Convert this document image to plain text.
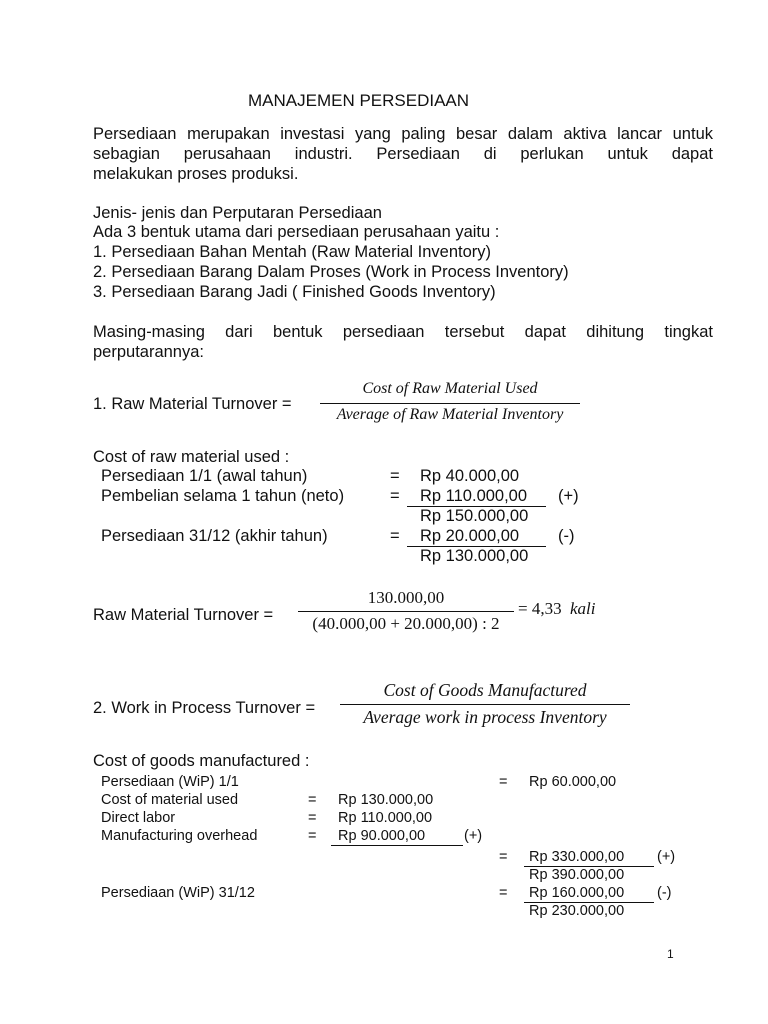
MANAJEMEN PERSEDIAAN
Persediaan merupakan investasi yang paling besar dalam aktiva lancar untuk
sebagian perusahaan industri. Persediaan di perlukan untuk dapat
melakukan proses produksi.
Jenis- jenis dan Perputaran Persediaan
Ada 3 bentuk utama dari persediaan perusahaan yaitu :
1. Persediaan Bahan Mentah (Raw Material Inventory)
2. Persediaan Barang Dalam Proses (Work in Process Inventory)
3. Persediaan Barang Jadi ( Finished Goods Inventory)
Masing-masing dari bentuk persediaan tersebut dapat dihitung tingkat
perputarannya:
1. Raw Material Turnover =
Cost of Raw Material Used
Average of Raw Material Inventory
Cost of raw material used :
Persediaan 1/1 (awal tahun)	= Rp 40.000,00
Pembelian selama 1 tahun (neto)	= Rp 110.000,00 (+)
Rp 150.000,00
Persediaan 31/12 (akhir tahun)	= Rp 20.000,00 (-)
Rp 130.000,00
Raw Material Turnover =
130.000,00
(40.000,00 + 20.000,00) : 2
= 4,33 kali
2. Work in Process Turnover =
Cost of Goods Manufactured
Average work in process Inventory
Cost of goods manufactured :
Persediaan (WiP) 1/1	= Rp 60.000,00
Cost of material used	= Rp 130.000,00
Direct labor	= Rp 110.000,00
Manufacturing overhead	= Rp 90.000,00	(+)
= Rp 330.000,00 (+)
Rp 390.000,00
Persediaan (WiP) 31/12	= Rp 160.000,00 (-)
Rp 230.000,00
1
